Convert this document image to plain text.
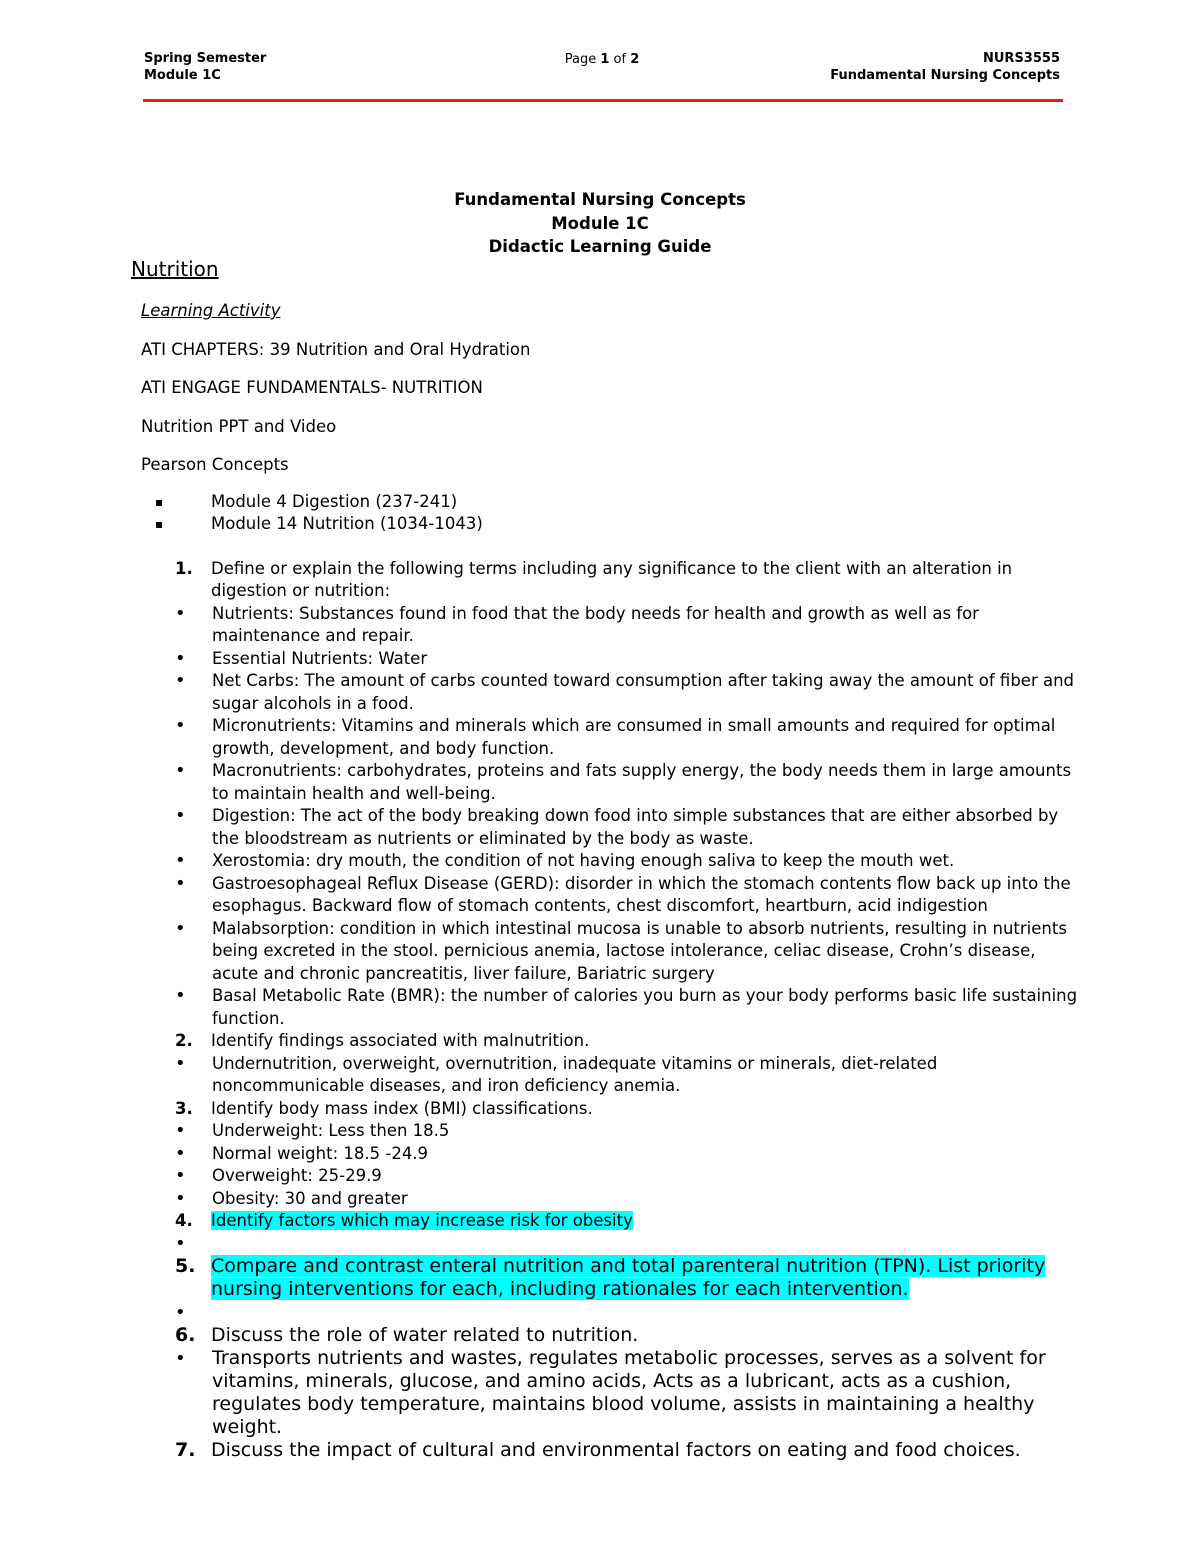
Spring Semester
Module 1C
Page 1 of 2	NURS3555
Fundamental Nursing Concepts
Fundamental Nursing Concepts
Module 1C
Didactic Learning Guide
Nutrition
Learning Activity
ATI CHAPTERS: 39 Nutrition and Oral Hydration
ATI ENGAGE FUNDAMENTALS- NUTRITION
Nutrition PPT and Video
Pearson Concepts
▪ Module 4 Digestion (237-241)
▪ Module 14 Nutrition (1034-1043)
1. Define or explain the following terms including any significance to the client with an alteration in digestion or nutrition:
• Nutrients: Substances found in food that the body needs for health and growth as well as for maintenance and repair.
• Essential Nutrients: Water
• Net Carbs: The amount of carbs counted toward consumption after taking away the amount of fiber and sugar alcohols in a food.
• Micronutrients: Vitamins and minerals which are consumed in small amounts and required for optimal growth, development, and body function.
• Macronutrients: carbohydrates, proteins and fats supply energy, the body needs them in large amounts to maintain health and well-being.
• Digestion: The act of the body breaking down food into simple substances that are either absorbed by the bloodstream as nutrients or eliminated by the body as waste.
• Xerostomia: dry mouth, the condition of not having enough saliva to keep the mouth wet.
• Gastroesophageal Reflux Disease (GERD): disorder in which the stomach contents flow back up into the esophagus. Backward flow of stomach contents, chest discomfort, heartburn, acid indigestion
• Malabsorption: condition in which intestinal mucosa is unable to absorb nutrients, resulting in nutrients being excreted in the stool. pernicious anemia, lactose intolerance, celiac disease, Crohn’s disease, acute and chronic pancreatitis, liver failure, Bariatric surgery
• Basal Metabolic Rate (BMR): the number of calories you burn as your body performs basic life sustaining function.
2. Identify findings associated with malnutrition.
• Undernutrition, overweight, overnutrition, inadequate vitamins or minerals, diet-related noncommunicable diseases, and iron deficiency anemia.
3. Identify body mass index (BMI) classifications.
• Underweight: Less then 18.5
• Normal weight: 18.5 -24.9
• Overweight: 25-29.9
• Obesity: 30 and greater
4. Identify factors which may increase risk for obesity
•
5. Compare and contrast enteral nutrition and total parenteral nutrition (TPN). List priority nursing interventions for each, including rationales for each intervention.
•
6. Discuss the role of water related to nutrition.
• Transports nutrients and wastes, regulates metabolic processes, serves as a solvent for vitamins, minerals, glucose, and amino acids, Acts as a lubricant, acts as a cushion, regulates body temperature, maintains blood volume, assists in maintaining a healthy weight.
7. Discuss the impact of cultural and environmental factors on eating and food choices.
